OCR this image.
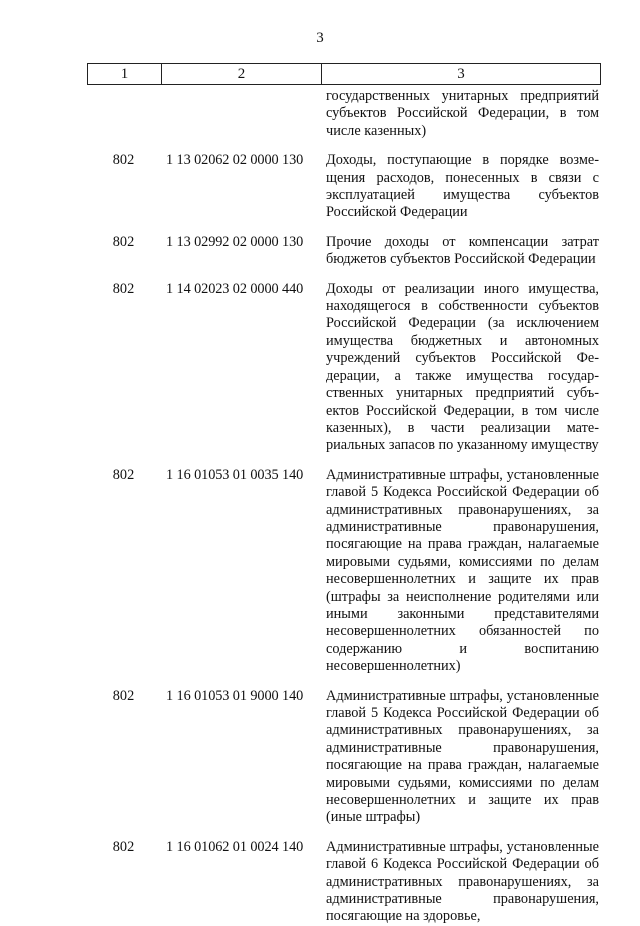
3
1	2	3
государственных унитарных предприятий субъектов Российской Федерации, в том числе казенных)
802	1 13 02062 02 0000 130	Доходы, поступающие в порядке возмещения расходов, понесенных в связи с эксплуатацией имущества субъектов Российской Федерации
802	1 13 02992 02 0000 130	Прочие доходы от компенсации затрат бюджетов субъектов Российской Федерации
802	1 14 02023 02 0000 440	Доходы от реализации иного имущества, находящегося в собственности субъектов Российской Федерации (за исключением имущества бюджетных и автономных учреждений субъектов Российской Федерации, а также имущества государственных унитарных предприятий субъектов Российской Федерации, в том числе казенных), в части реализации материальных запасов по указанному имуществу
802	1 16 01053 01 0035 140	Административные штрафы, установленные главой 5 Кодекса Российской Федерации об административных правонарушениях, за административные правонарушения, посягающие на права граждан, налагаемые мировыми судьями, комиссиями по делам несовершеннолетних и защите их прав (штрафы за неисполнение родителями или иными законными представителями несовершеннолетних обязанностей по содержанию и воспитанию несовершеннолетних)
802	1 16 01053 01 9000 140	Административные штрафы, установленные главой 5 Кодекса Российской Федерации об административных правонарушениях, за административные правонарушения, посягающие на права граждан, налагаемые мировыми судьями, комиссиями по делам несовершеннолетних и защите их прав (иные штрафы)
802	1 16 01062 01 0024 140	Административные штрафы, установленные главой 6 Кодекса Российской Федерации об административных правонарушениях, за административные правонарушения, посягающие на здоровье,
